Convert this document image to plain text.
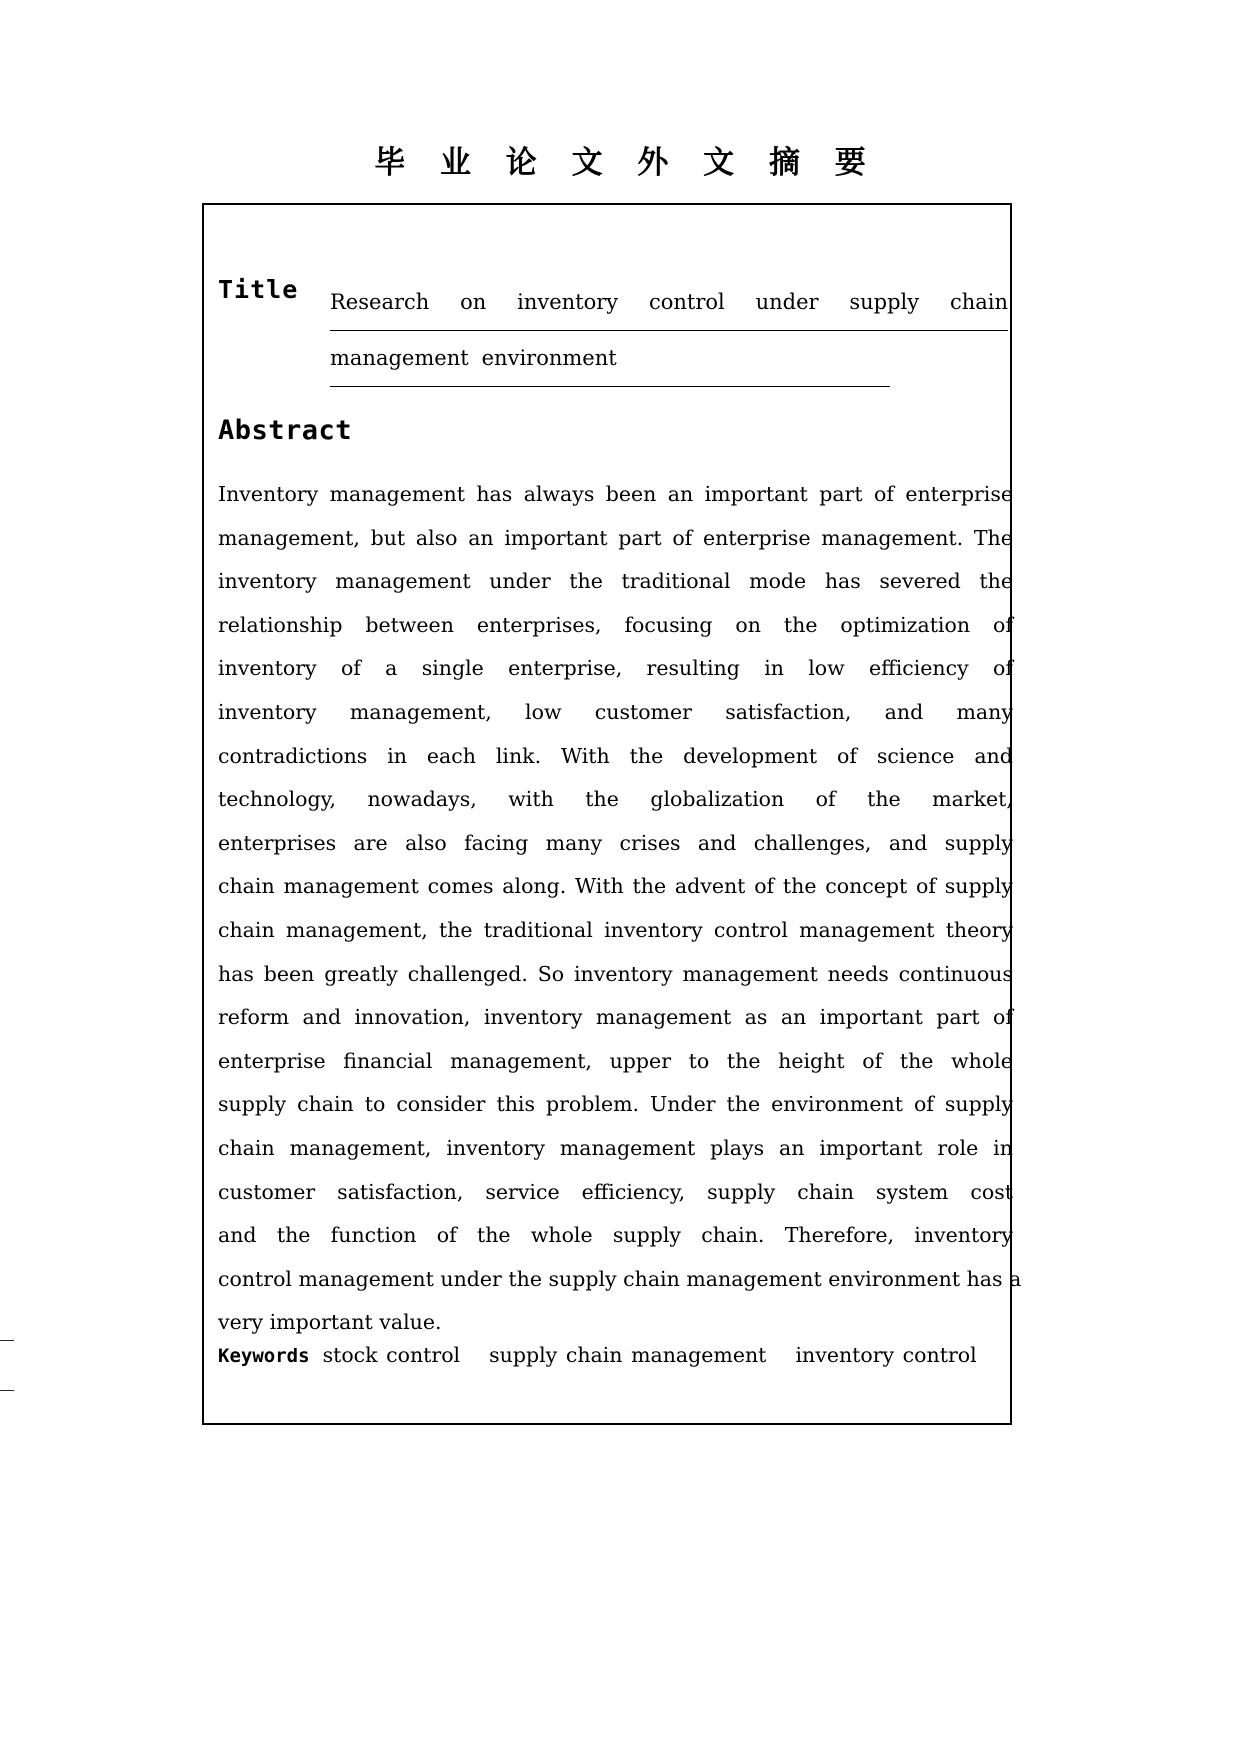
毕 业 论 文 外 文 摘 要
Title Research on inventory control under supply chain
management environment
Abstract
Inventory management has always been an important part of enterprise
management, but also an important part of enterprise management. The
inventory management under the traditional mode has severed the
relationship between enterprises, focusing on the optimization of
inventory of a single enterprise, resulting in low efficiency of
inventory management, low customer satisfaction, and many
contradictions in each link. With the development of science and
technology, nowadays, with the globalization of the market,
enterprises are also facing many crises and challenges, and supply
chain management comes along. With the advent of the concept of supply
chain management, the traditional inventory control management theory
has been greatly challenged. So inventory management needs continuous
reform and innovation, inventory management as an important part of
enterprise financial management, upper to the height of the whole
supply chain to consider this problem. Under the environment of supply
chain management, inventory management plays an important role in
customer satisfaction, service efficiency, supply chain system cost
and the function of the whole supply chain. Therefore, inventory
control management under the supply chain management environment has a
very important value.
Keywords stock control　 supply chain management　 inventory control
